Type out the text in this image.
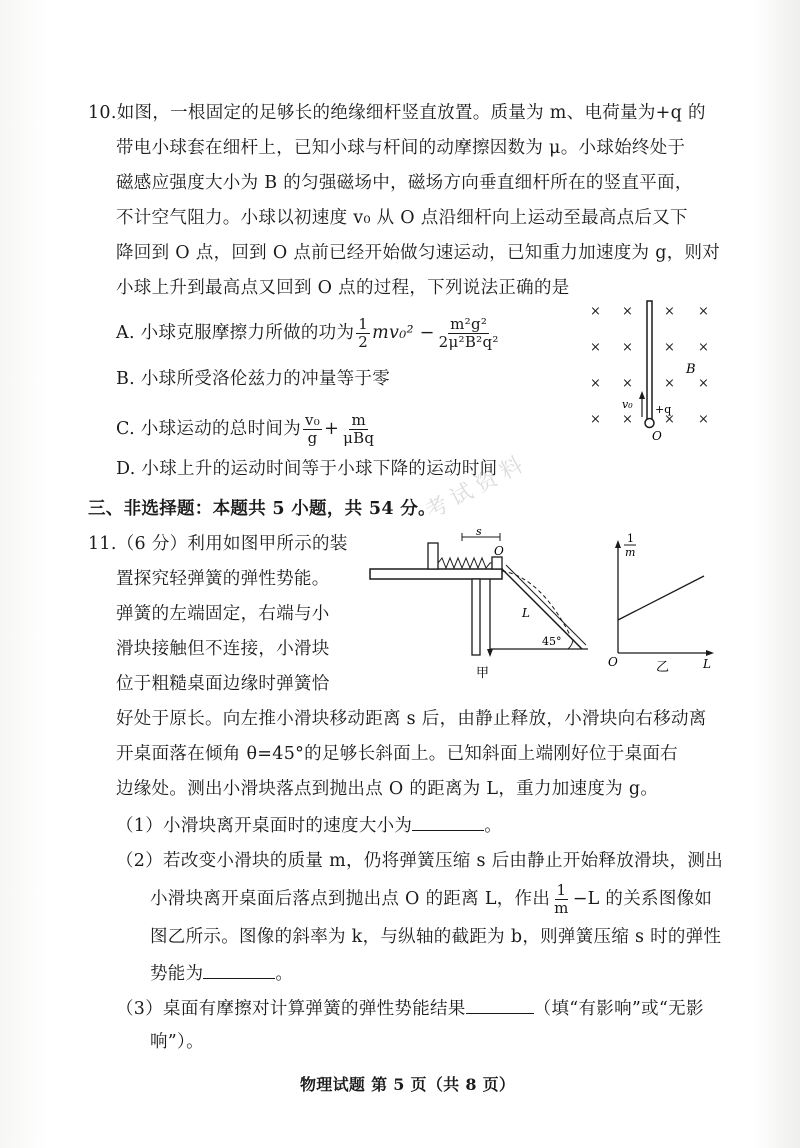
10.如图，一根固定的足够长的绝缘细杆竖直放置。质量为 m、电荷量为+q 的
带电小球套在细杆上，已知小球与杆间的动摩擦因数为 μ。小球始终处于
磁感应强度大小为 B 的匀强磁场中，磁场方向垂直细杆所在的竖直平面，
不计空气阻力。小球以初速度 v₀ 从 O 点沿细杆向上运动至最高点后又下
降回到 O 点，回到 O 点前已经开始做匀速运动，已知重力加速度为 g，则对
小球上升到最高点又回到 O 点的过程，下列说法正确的是
A. 小球克服摩擦力所做的功为 $\frac{1}{2} mv_0^2 - \frac{\text{m²g²}}{\text{2μ²B²q²}}$
B. 小球所受洛伦兹力的冲量等于零
C. 小球运动的总时间为 $\frac{\text{v₀}}{g} + \frac{m}{\text{μBq}}$
D. 小球上升的运动时间等于小球下降的运动时间
× × × ×
× × × ×
× × × ×
× × × ×
v₀ +q
O
B
三、非选择题：本题共 5 小题，共 54 分。
11.（6 分）利用如图甲所示的装
置探究轻弹簧的弹性势能。
弹簧的左端固定，右端与小
滑块接触但不连接，小滑块
位于粗糙桌面边缘时弹簧恰
好处于原长。向左推小滑块移动距离 s 后，由静止释放，小滑块向右移动离
开桌面落在倾角 θ=45°的足够长斜面上。已知斜面上端刚好位于桌面右
边缘处。测出小滑块落点到抛出点 O 的距离为 L，重力加速度为 g。
（1）小滑块离开桌面时的速度大小为	。
（2）若改变小滑块的质量 m，仍将弹簧压缩 s 后由静止开始释放滑块，测出
小滑块离开桌面后落点到抛出点 O 的距离 L，作出 $\frac{1}{m} -L$ 的关系图像如
图乙所示。图像的斜率为 k，与纵轴的截距为 b，则弹簧压缩 s 时的弹性
势能为	。
（3）桌面有摩擦对计算弹簧的弹性势能结果	（填“有影响”或“无影
响”）。
s
O
L
45°
甲
1
m
O	L
乙
考试资料
物理试题 第 5 页（共 8 页）
